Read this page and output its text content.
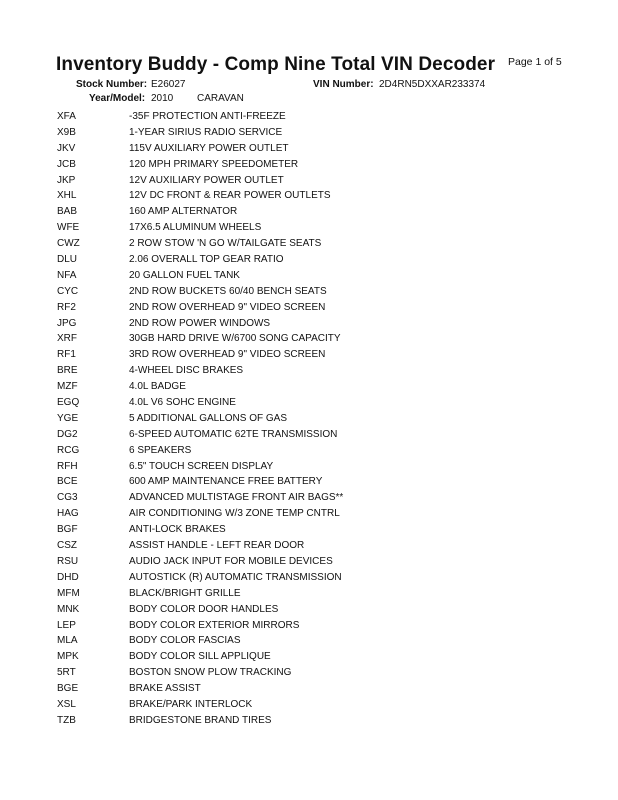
Inventory Buddy - Comp Nine Total VIN Decoder Page 1 of 5
Stock Number: E26027	VIN Number: 2D4RN5DXXAR233374
Year/Model: 2010 CARAVAN
XFA	-35F PROTECTION ANTI-FREEZE
X9B	1-YEAR SIRIUS RADIO SERVICE
JKV	115V AUXILIARY POWER OUTLET
JCB	120 MPH PRIMARY SPEEDOMETER
JKP	12V AUXILIARY POWER OUTLET
XHL	12V DC FRONT & REAR POWER OUTLETS
BAB	160 AMP ALTERNATOR
WFE	17X6.5 ALUMINUM WHEELS
CWZ	2 ROW STOW 'N GO W/TAILGATE SEATS
DLU	2.06 OVERALL TOP GEAR RATIO
NFA	20 GALLON FUEL TANK
CYC	2ND ROW BUCKETS 60/40 BENCH SEATS
RF2	2ND ROW OVERHEAD 9" VIDEO SCREEN
JPG	2ND ROW POWER WINDOWS
XRF	30GB HARD DRIVE W/6700 SONG CAPACITY
RF1	3RD ROW OVERHEAD 9" VIDEO SCREEN
BRE	4-WHEEL DISC BRAKES
MZF	4.0L BADGE
EGQ	4.0L V6 SOHC ENGINE
YGE	5 ADDITIONAL GALLONS OF GAS
DG2	6-SPEED AUTOMATIC 62TE TRANSMISSION
RCG	6 SPEAKERS
RFH	6.5" TOUCH SCREEN DISPLAY
BCE	600 AMP MAINTENANCE FREE BATTERY
CG3	ADVANCED MULTISTAGE FRONT AIR BAGS**
HAG	AIR CONDITIONING W/3 ZONE TEMP CNTRL
BGF	ANTI-LOCK BRAKES
CSZ	ASSIST HANDLE - LEFT REAR DOOR
RSU	AUDIO JACK INPUT FOR MOBILE DEVICES
DHD	AUTOSTICK (R) AUTOMATIC TRANSMISSION
MFM	BLACK/BRIGHT GRILLE
MNK	BODY COLOR DOOR HANDLES
LEP	BODY COLOR EXTERIOR MIRRORS
MLA	BODY COLOR FASCIAS
MPK	BODY COLOR SILL APPLIQUE
5RT	BOSTON SNOW PLOW TRACKING
BGE	BRAKE ASSIST
XSL	BRAKE/PARK INTERLOCK
TZB	BRIDGESTONE BRAND TIRES
